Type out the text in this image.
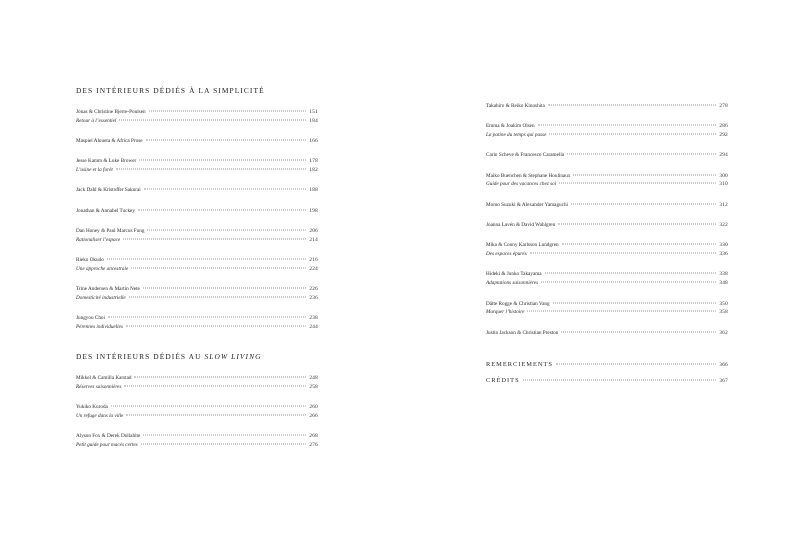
DES INTÉRIEURS DÉDIÉS À LA SIMPLICITÉ
Jonas & Christine Bjerre-Poulsen	151
Retour à l’essentiel	184
Maspiel Aloueta & Africa Prose	166
Jesse Kamm & Luke Brower	178
L’usine et la forêt	182
Jack Dahl & Kristoffer Sakurai	188
Jonathan & Annabel Tuckey	198
Dan Honey & Paul Marcus Fung	206
Rationaliser l’espace	214
Rieko Okudo	216
Une approche ancestrale	224
Trine Andersen & Martin Nete	226
Domesticité industrielle	236
Jungyou Choi	238
Pérennes individuelles	244
DES INTÉRIEURS DÉDIÉS AU SLOW LIVING
Mikkel & Camilla Karstad	248
Réserves saisonnières	258
Yukiko Kuroda	260
Un refuge dans la ville	266
Alyson Fox & Derek Dollahite	268
Petit guide pour macés certes	276
Takahiro & Reiko Kinoshita	278
Emma & Joakim Olsen	286
La patine du temps qui passe	292
Carin Scheve & Francesco Caramella	294
Maiko Buenchen & Stephane Houlinaux	300
Guide pour des vacances chez soi	310
Momo Suzuki & Alexander Yamaguchi	312
Joanna Lavén & David Wahlgren	322
Mika & Conny Karlsson Lundgren	330
Des espaces épurés	336
Hideki & Junko Takayama	338
Adaptations saisonnières	348
Dätte Rogge & Christian Vang	350
Marquer l’histoire	358
Justin Jackson & Christian Preston	362
REMERCIEMENTS	366
CRÉDITS	367
